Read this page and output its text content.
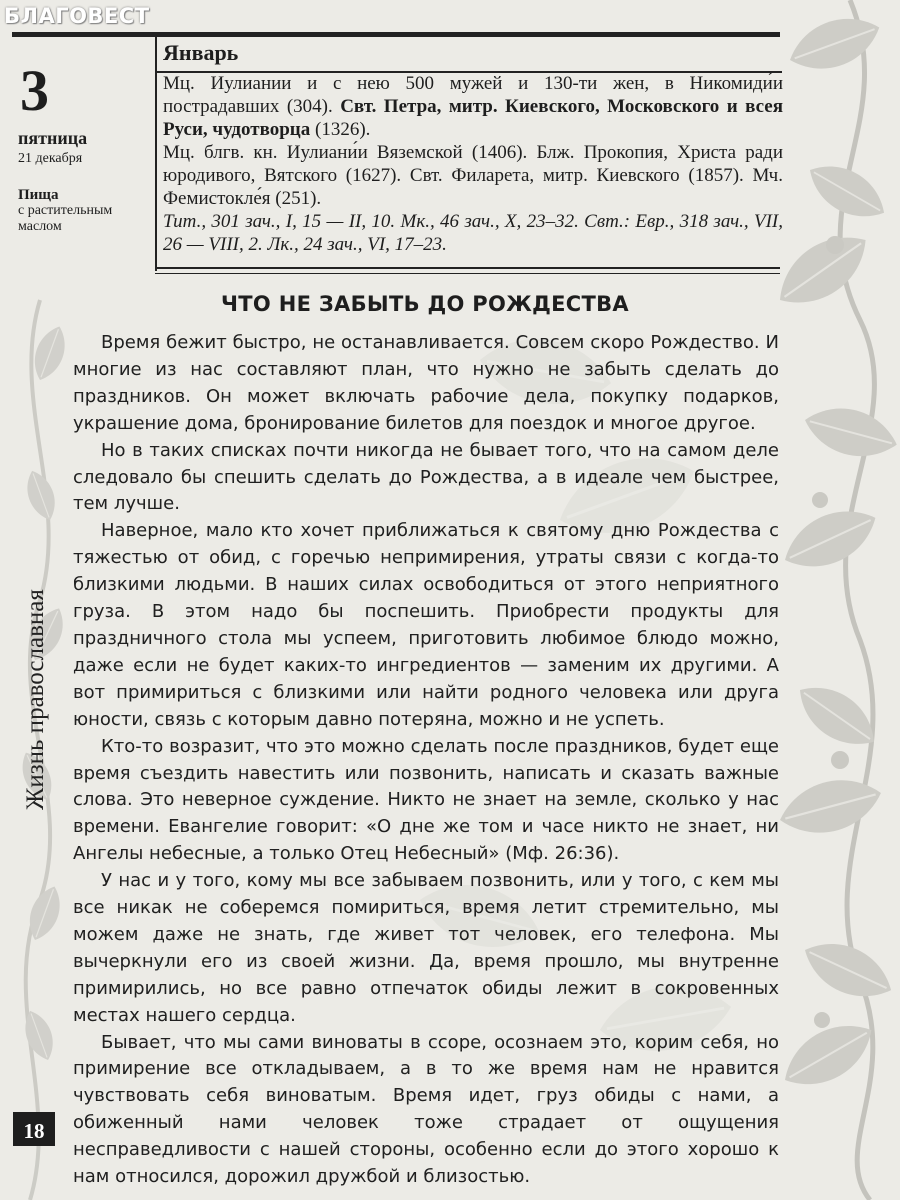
БЛАГОВЕСТ
3
пятница
21 декабря
Пища
с растительным маслом
Январь

Мц. Иулиании и с нею 500 мужей и 130-ти жен, в Никомиди́и пострадавших (304). Свт. Петра, митр. Киевского, Московского и всея Руси, чудотворца (1326).

Мц. блгв. кн. Иулиани́и Вяземской (1406). Блж. Прокопия, Христа ради юродивого, Вятского (1627). Свт. Филарета, митр. Киевского (1857). Мч. Фемистокле́я (251).

Тит., 301 зач., I, 15 — II, 10. Мк., 46 зач., X, 23–32. Свт.: Евр., 318 зач., VII, 26 — VIII, 2. Лк., 24 зач., VI, 17–23.

Жизнь православная
18
ЧТО НЕ ЗАБЫТЬ ДО РОЖДЕСТВА

Время бежит быстро, не останавливается. Совсем скоро Рождество. И многие из нас составляют план, что нужно не забыть сделать до праздников. Он может включать рабочие дела, покупку подарков, украшение дома, бронирование билетов для поездок и многое другое.

Но в таких списках почти никогда не бывает того, что на самом деле следовало бы спешить сделать до Рождества, а в идеале чем быстрее, тем лучше.

Наверное, мало кто хочет приближаться к святому дню Рождества с тяжестью от обид, с горечью непримирения, утраты связи с когда-то близкими людьми. В наших силах освободиться от этого неприятного груза. В этом надо бы поспешить. Приобрести продукты для праздничного стола мы успеем, приготовить любимое блюдо можно, даже если не будет каких-то ингредиентов — заменим их другими. А вот примириться с близкими или найти родного человека или друга юности, связь с которым давно потеряна, можно и не успеть.

Кто-то возразит, что это можно сделать после праздников, будет еще время съездить навестить или позвонить, написать и сказать важные слова. Это неверное суждение. Никто не знает на земле, сколько у нас времени. Евангелие говорит: «О дне же том и часе никто не знает, ни Ангелы небесные, а только Отец Небесный» (Мф. 26:36).

У нас и у того, кому мы все забываем позвонить, или у того, с кем мы все никак не соберемся помириться, время летит стремительно, мы можем даже не знать, где живет тот человек, его телефона. Мы вычеркнули его из своей жизни. Да, время прошло, мы внутренне примирились, но все равно отпечаток обиды лежит в сокровенных местах нашего сердца.

Бывает, что мы сами виноваты в ссоре, осознаем это, корим себя, но примирение все откладываем, а в то же время нам не нравится чувствовать себя виноватым. Время идет, груз обиды с нами, а обиженный нами человек тоже страдает от ощущения несправедливости с нашей стороны, особенно если до этого хорошо к нам относился, дорожил дружбой и близостью.
